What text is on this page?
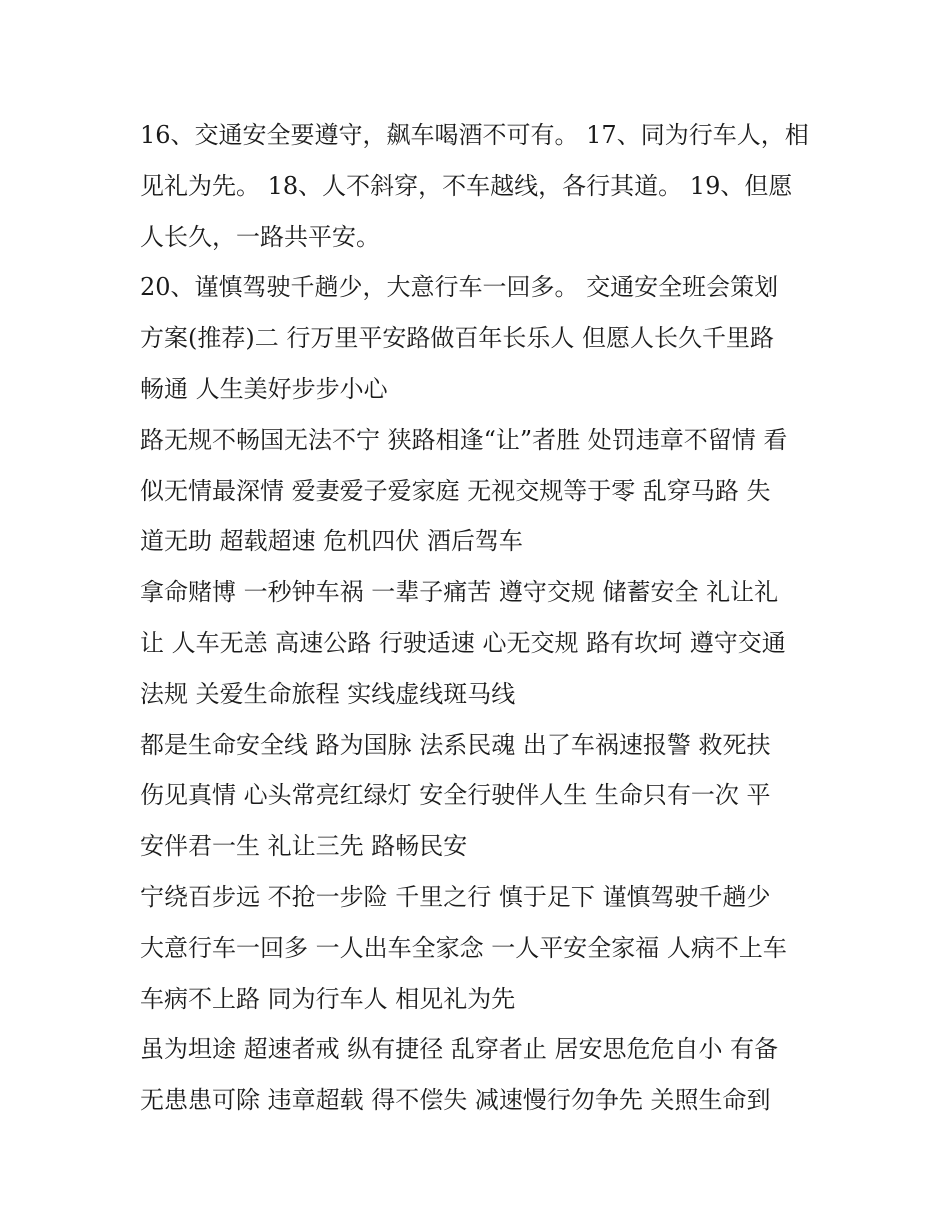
16、交通安全要遵守，飙车喝酒不可有。 17、同为行车人，相
见礼为先。 18、人不斜穿，不车越线，各行其道。 19、但愿
人长久，一路共平安。

20、谨慎驾驶千趟少，大意行车一回多。 交通安全班会策划
方案(推荐)二 行万里平安路做百年长乐人 但愿人长久千里路
畅通 人生美好步步小心

路无规不畅国无法不宁 狭路相逢“让”者胜 处罚违章不留情 看
似无情最深情 爱妻爱子爱家庭 无视交规等于零 乱穿马路 失
道无助 超载超速 危机四伏 酒后驾车

拿命赌博 一秒钟车祸 一辈子痛苦 遵守交规 储蓄安全 礼让礼
让 人车无恙 高速公路 行驶适速 心无交规 路有坎坷 遵守交通
法规 关爱生命旅程 实线虚线斑马线

都是生命安全线 路为国脉 法系民魂 出了车祸速报警 救死扶
伤见真情 心头常亮红绿灯 安全行驶伴人生 生命只有一次 平
安伴君一生 礼让三先 路畅民安

宁绕百步远 不抢一步险 千里之行 慎于足下 谨慎驾驶千趟少
大意行车一回多 一人出车全家念 一人平安全家福 人病不上车
车病不上路 同为行车人 相见礼为先

虽为坦途 超速者戒 纵有捷径 乱穿者止 居安思危危自小 有备
无患患可除 违章超载 得不偿失 减速慢行勿争先 关照生命到
